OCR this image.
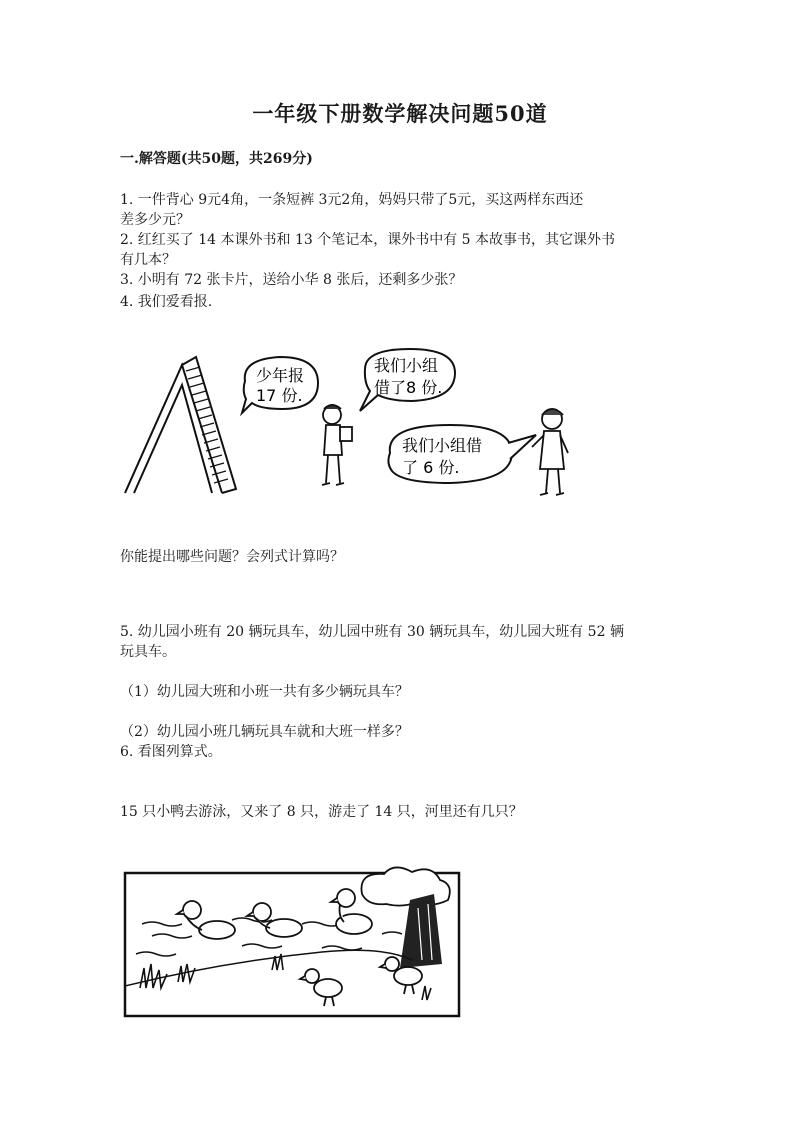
一年级下册数学解决问题50道
一.解答题(共50题，共269分)
1. 一件背心 9元4角，一条短裤 3元2角，妈妈只带了5元，买这两样东西还
差多少元？
2. 红红买了 14 本课外书和 13 个笔记本，课外书中有 5 本故事书，其它课外书
有几本？
3. 小明有 72 张卡片，送给小华 8 张后，还剩多少张？
4. 我们爱看报.
少年报
17 份.
我们小组
借了8 份.
我们小组借
了 6 份.
你能提出哪些问题？会列式计算吗？
5. 幼儿园小班有 20 辆玩具车，幼儿园中班有 30 辆玩具车，幼儿园大班有 52 辆
玩具车。
（1）幼儿园大班和小班一共有多少辆玩具车？
（2）幼儿园小班几辆玩具车就和大班一样多？
6. 看图列算式。
15 只小鸭去游泳，又来了 8 只，游走了 14 只，河里还有几只？
